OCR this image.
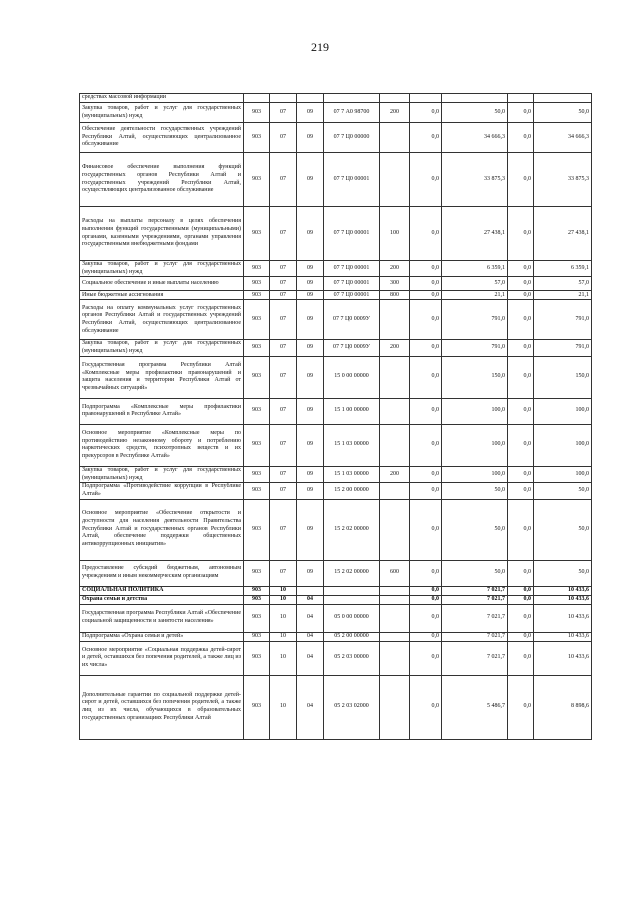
219
средствах массовой информации									
Закупка товаров, работ и услуг для государственных (муниципальных) нужд	903	07	09	07 7 А0 98700	200	0,0	50,0	0,0	50,0
Обеспечение деятельности государственных учреждений Республики Алтай, осуществляющих централизованное обслуживание	903	07	09	07 7 Ц0 00000		0,0	34 666,3	0,0	34 666,3
Финансовое обеспечение выполнения функций государственных органов Республики Алтай и государственных учреждений Республики Алтай, осуществляющих централизованное обслуживание	903	07	09	07 7 Ц0 00001		0,0	33 875,3	0,0	33 875,3
Расходы на выплаты персоналу в целях обеспечения выполнения функций государственными (муниципальными) органами, казенными учреждениями, органами управления государственными внебюджетными фондами	903	07	09	07 7 Ц0 00001	100	0,0	27 438,1	0,0	27 438,1
Закупка товаров, работ и услуг для государственных (муниципальных) нужд	903	07	09	07 7 Ц0 00001	200	0,0	6 359,1	0,0	6 359,1
Социальное обеспечение и иные выплаты населению	903	07	09	07 7 Ц0 00001	300	0,0	57,0	0,0	57,0
Иные бюджетные ассигнования	903	07	09	07 7 Ц0 00001	800	0,0	21,1	0,0	21,1
Расходы на оплату коммунальных услуг государственных органов Республики Алтай и государственных учреждений Республики Алтай, осуществляющих централизованное обслуживание	903	07	09	07 7 Ц0 0009У		0,0	791,0	0,0	791,0
Закупка товаров, работ и услуг для государственных (муниципальных) нужд	903	07	09	07 7 Ц0 0009У	200	0,0	791,0	0,0	791,0
Государственная программа Республики Алтай «Комплексные меры профилактики правонарушений и защита населения и территории Республики Алтай от чрезвычайных ситуаций»	903	07	09	15 0 00 00000		0,0	150,0	0,0	150,0
Подпрограмма «Комплексные меры профилактики правонарушений в Республике Алтай»	903	07	09	15 1 00 00000		0,0	100,0	0,0	100,0
Основное мероприятие «Комплексные меры по противодействию незаконному обороту и потреблению наркотических средств, психотропных веществ и их прекурсоров в Республике Алтай»	903	07	09	15 1 03 00000		0,0	100,0	0,0	100,0
Закупка товаров, работ и услуг для государственных (муниципальных) нужд	903	07	09	15 1 03 00000	200	0,0	100,0	0,0	100,0
Подпрограмма «Противодействие коррупции в Республике Алтай»	903	07	09	15 2 00 00000		0,0	50,0	0,0	50,0
Основное мероприятие «Обеспечение открытости и доступности для населения деятельности Правительства Республики Алтай и государственных органов Республики Алтай, обеспечение поддержки общественных антикоррупционных инициатив»	903	07	09	15 2 02 00000		0,0	50,0	0,0	50,0
Предоставление субсидий бюджетным, автономным учреждениям и иным некоммерческим организациям	903	07	09	15 2 02 00000	600	0,0	50,0	0,0	50,0
СОЦИАЛЬНАЯ ПОЛИТИКА	903	10				0,0	7 021,7	0,0	10 433,6
Охрана семьи и детства	903	10	04			0,0	7 021,7	0,0	10 433,6
Государственная программа Республики Алтай «Обеспечение социальной защищенности и занятости населения»	903	10	04	05 0 00 00000		0,0	7 021,7	0,0	10 433,6
Подпрограмма «Охрана семьи и детей»	903	10	04	05 2 00 00000		0,0	7 021,7	0,0	10 433,6
Основное мероприятие «Социальная поддержка детей-сирот и детей, оставшихся без попечения родителей, а также лиц из их числа»	903	10	04	05 2 03 00000		0,0	7 021,7	0,0	10 433,6
Дополнительные гарантии по социальной поддержке детей-сирот и детей, оставшихся без попечения родителей, а также лиц из их числа, обучающихся в образовательных государственных организациях Республики Алтай	903	10	04	05 2 03 02000		0,0	5 486,7	0,0	8 898,6
